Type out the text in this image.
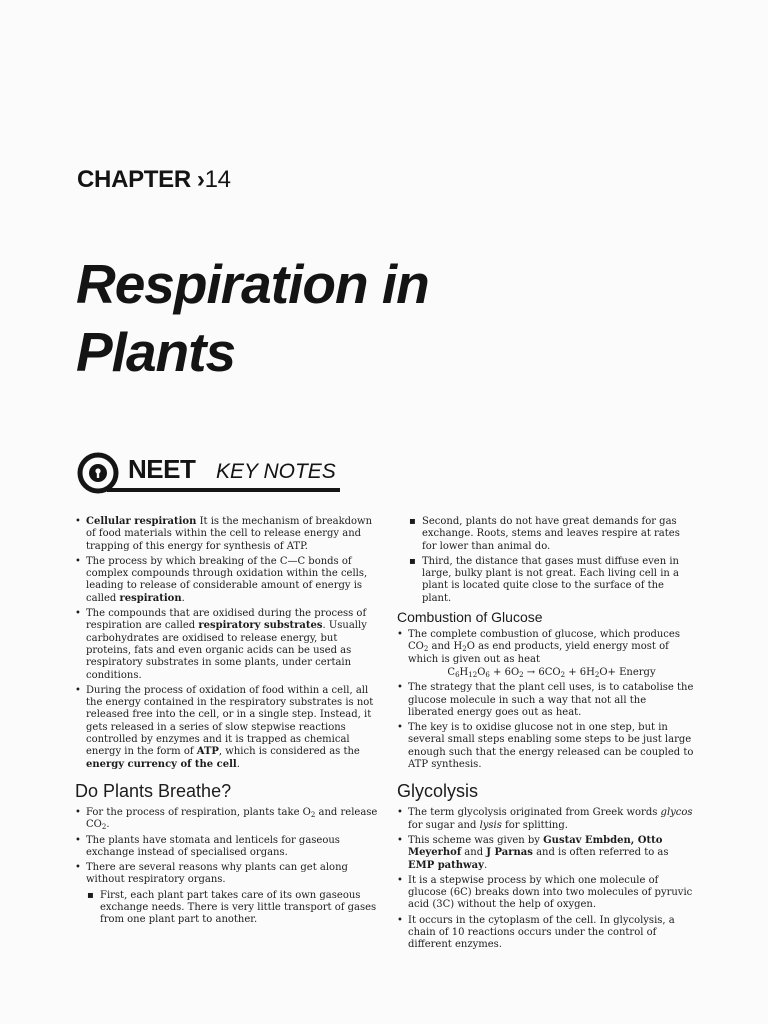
CHAPTER ›14
Respiration in
Plants
NEET KEY NOTES
• Cellular respiration It is the mechanism of breakdown of food materials within the cell to release energy and trapping of this energy for synthesis of ATP.
• The process by which breaking of the C—C bonds of complex compounds through oxidation within the cells, leading to release of considerable amount of energy is called respiration.
• The compounds that are oxidised during the process of respiration are called respiratory substrates. Usually carbohydrates are oxidised to release energy, but proteins, fats and even organic acids can be used as respiratory substrates in some plants, under certain conditions.
• During the process of oxidation of food within a cell, all the energy contained in the respiratory substrates is not released free into the cell, or in a single step. Instead, it gets released in a series of slow stepwise reactions controlled by enzymes and it is trapped as chemical energy in the form of ATP, which is considered as the energy currency of the cell.
Do Plants Breathe?
• For the process of respiration, plants take $O_2$ and release $CO_2$.
• The plants have stomata and lenticels for gaseous exchange instead of specialised organs.
• There are several reasons why plants can get along without respiratory organs.
▪ First, each plant part takes care of its own gaseous exchange needs. There is very little transport of gases from one plant part to another.
▪ Second, plants do not have great demands for gas exchange. Roots, stems and leaves respire at rates for lower than animal do.
▪ Third, the distance that gases must diffuse even in large, bulky plant is not great. Each living cell in a plant is located quite close to the surface of the plant.
Combustion of Glucose
• The complete combustion of glucose, which produces $CO_2$ and $H_2O$ as end products, yield energy most of which is given out as heat
$C_6H_{12}O_6 + 6O_2 \to 6CO_2 + 6H_2O+$ Energy
• The strategy that the plant cell uses, is to catabolise the glucose molecule in such a way that not all the liberated energy goes out as heat.
• The key is to oxidise glucose not in one step, but in several small steps enabling some steps to be just large enough such that the energy released can be coupled to ATP synthesis.
Glycolysis
• The term glycolysis originated from Greek words glycos for sugar and lysis for splitting.
• This scheme was given by Gustav Embden, Otto Meyerhof and J Parnas and is often referred to as EMP pathway.
• It is a stepwise process by which one molecule of glucose (6C) breaks down into two molecules of pyruvic acid (3C) without the help of oxygen.
• It occurs in the cytoplasm of the cell. In glycolysis, a chain of 10 reactions occurs under the control of different enzymes.
